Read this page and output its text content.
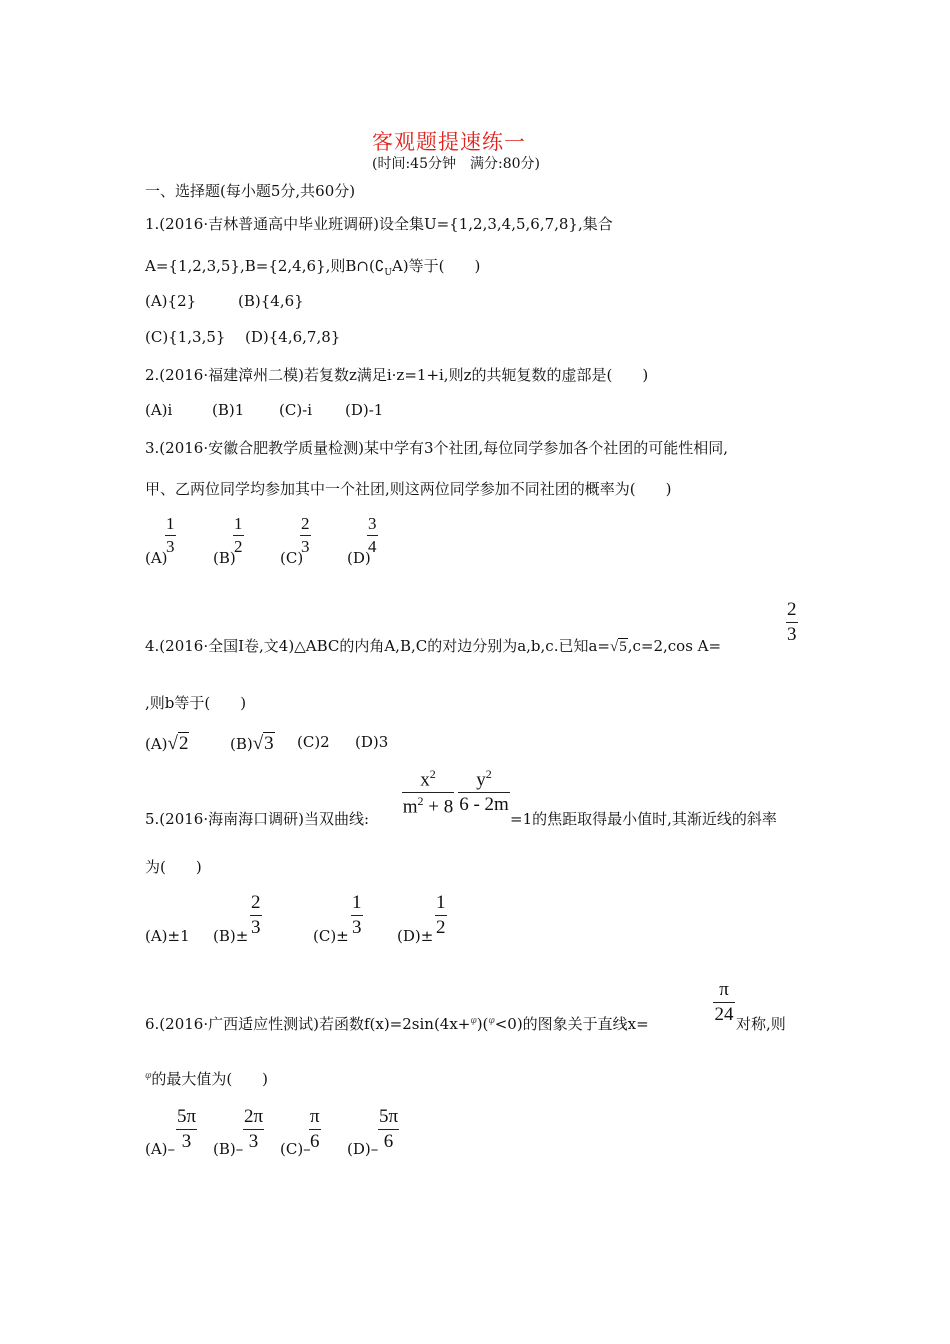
客观题提速练一
(时间:45分钟　满分:80分)
一、选择题(每小题5分,共60分)
1.(2016·吉林普通高中毕业班调研)设全集U={1,2,3,4,5,6,7,8},集合
A={1,2,3,5},B={2,4,6},则$B\cap(∁_UA)$等于(　　)
(A){2}	(B){4,6}
(C){1,3,5} (D){4,6,7,8}
2.(2016·福建漳州二模)若复数z满足i·z=1+i,则z的共轭复数的虚部是(　　)
(A)i	(B)1 (C)-i (D)-1
3.(2016·安徽合肥教学质量检测)某中学有3个社团,每位同学参加各个社团的可能性相同,
甲、乙两位同学均参加其中一个社团,则这两位同学参加不同社团的概率为(　　)
(A)
1
3
(B)
1
2
(C)
2
3
(D)
3
4
4.(2016·全国Ⅰ卷,文4)△ABC的内角A,B,C的对边分别为a,b,c.已知a=√5,c=2,cos A=
2
3
,则b等于(　　)
(A)√2	(B)√3 (C)2 (D)3
5.(2016·海南海口调研)当双曲线:
$x^2$
$m^2 + 8$
$y^2$
6 - 2m
=1的焦距取得最小值时,其渐近线的斜率
为(　　)
(A)±1 (B)±
2
3	(C)±
1
3 (D)±
1
2
6.(2016·广西适应性测试)若函数f(x)=2sin(4x+$^\varphi$)($^\varphi$<0)的图象关于直线x=
π
24 对称,则
$^\varphi$的最大值为(　　)
(A)–
5π
3	(B)–
2π
3	(C)–
π
6 (D)–
5π
6
